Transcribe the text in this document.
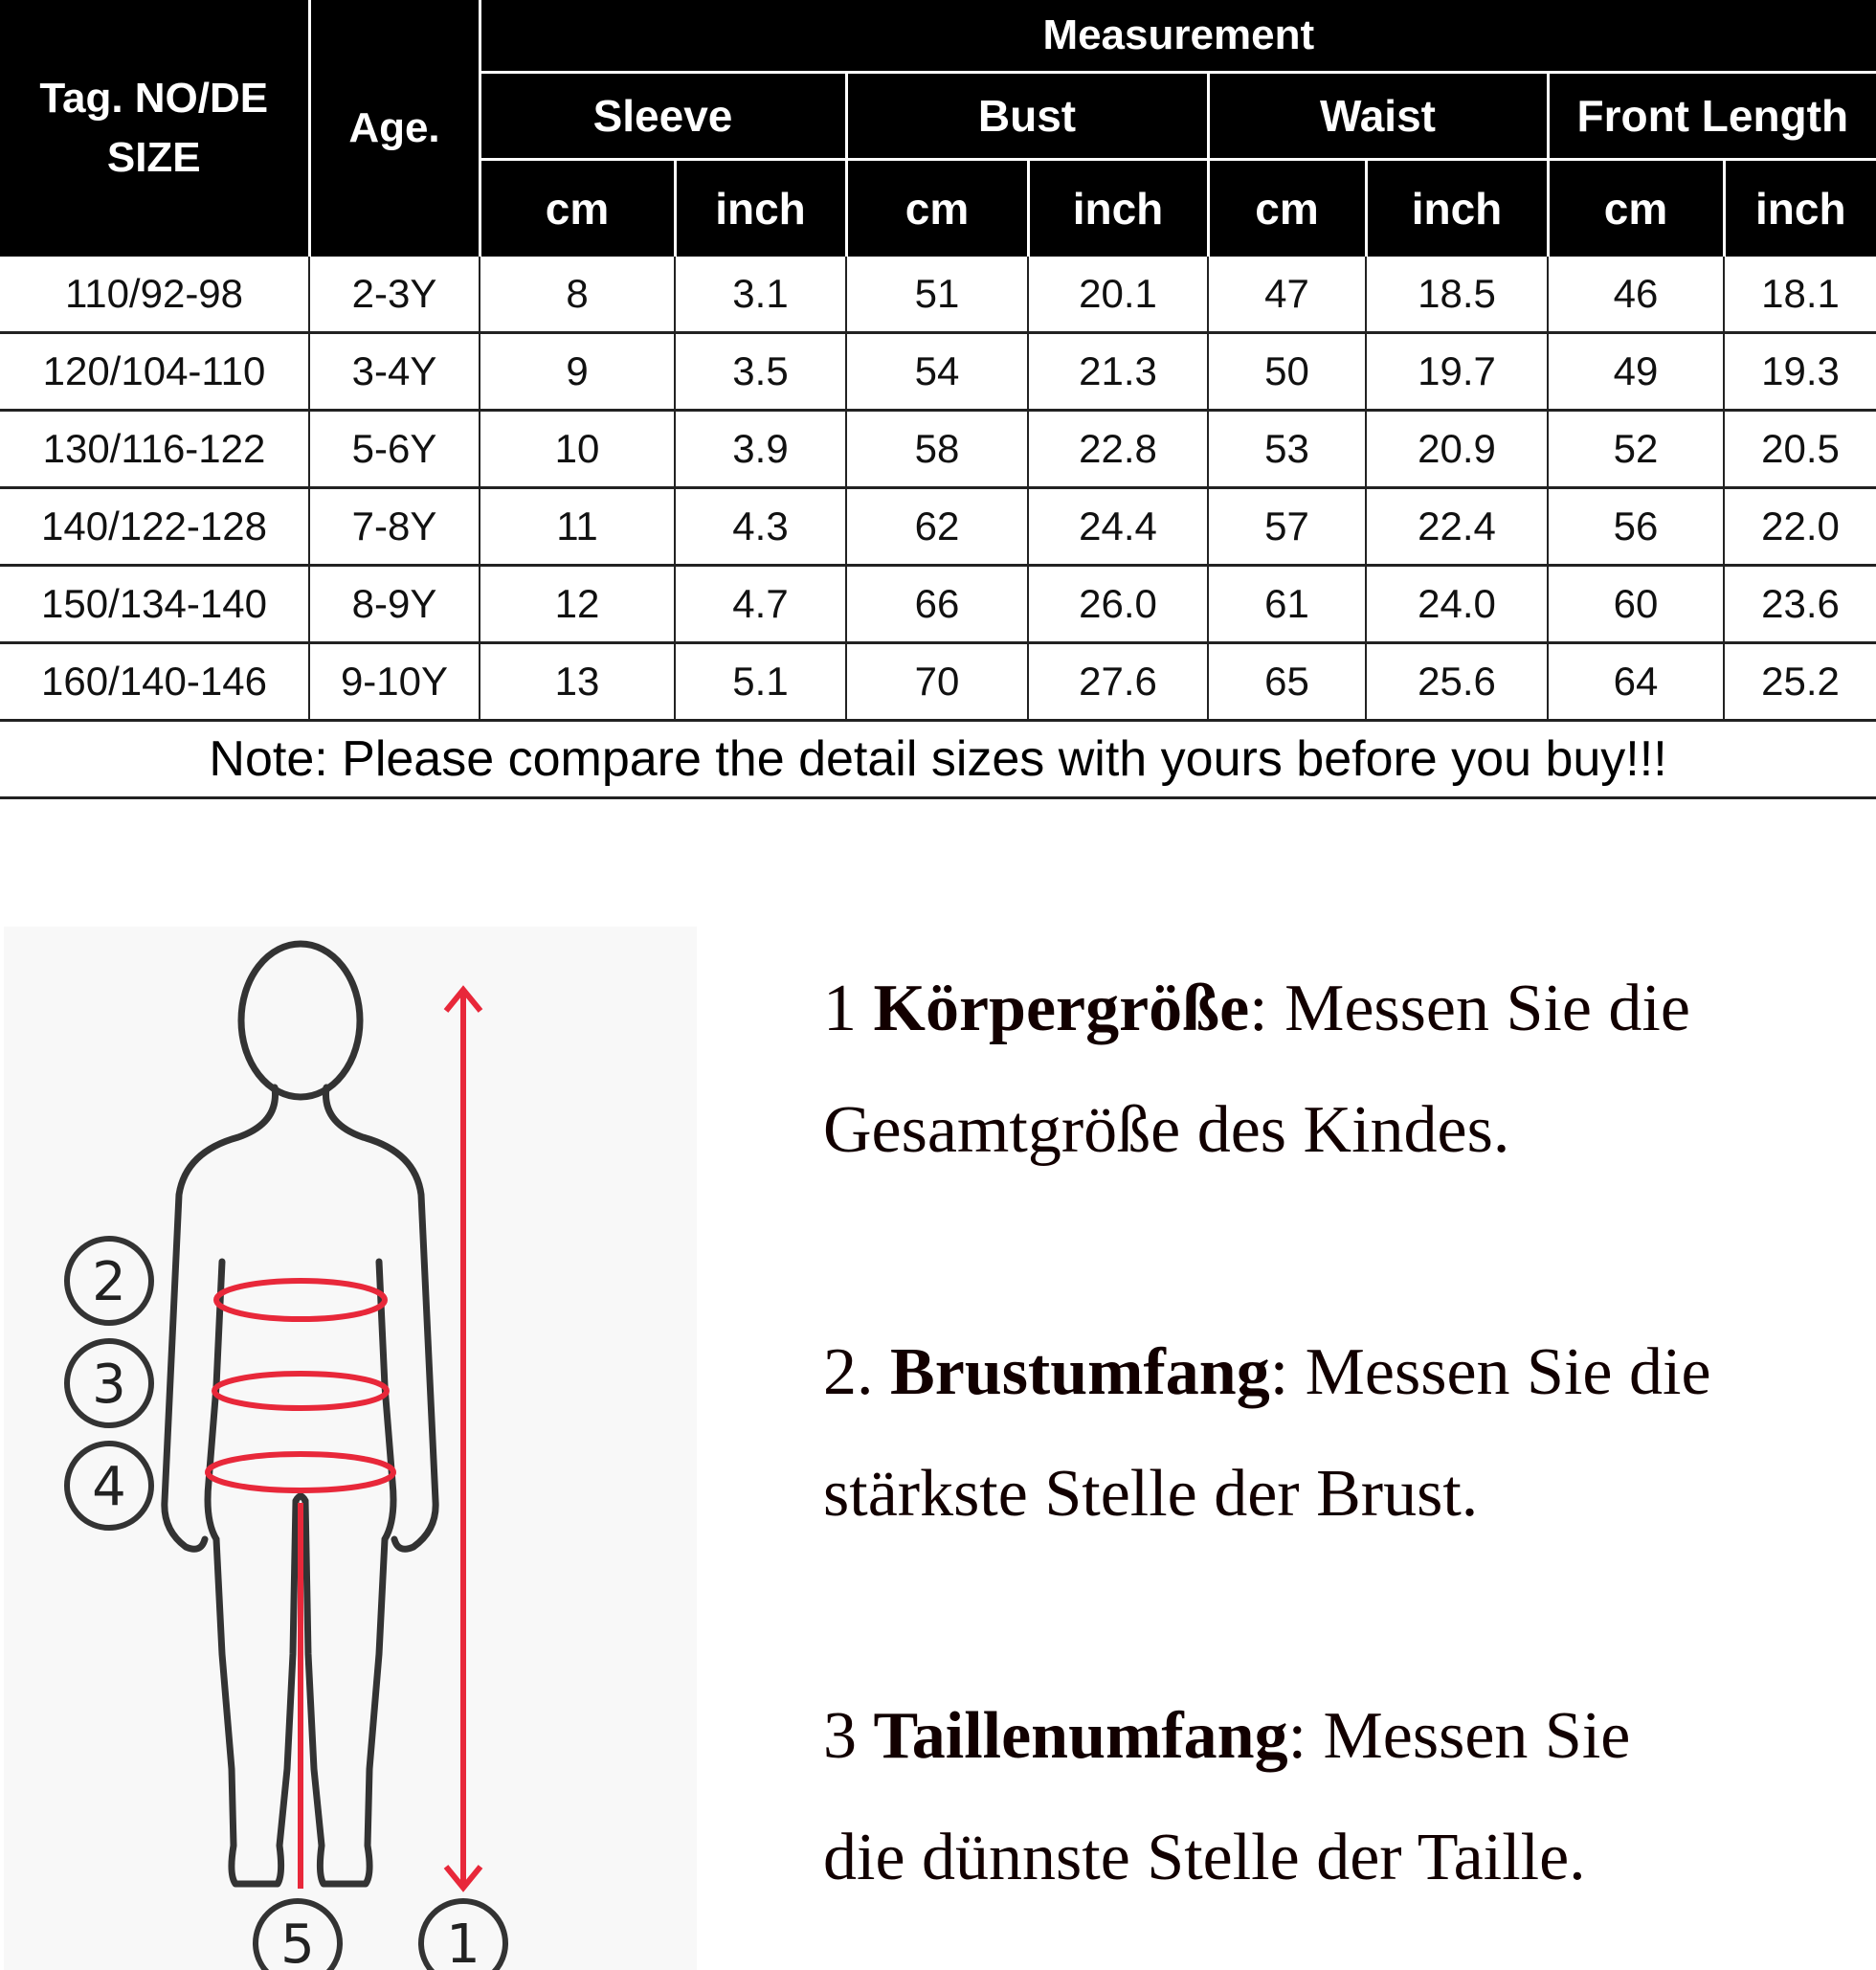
Tag. NO/DE
SIZE	Age.	Measurement							
		Sleeve		Bust		Waist		Front Length	
		cm	inch	cm	inch	cm	inch	cm	inch
110/92-98	2-3Y	8	3.1	51	20.1	47	18.5	46	18.1
120/104-110	3-4Y	9	3.5	54	21.3	50	19.7	49	19.3
130/116-122	5-6Y	10	3.9	58	22.8	53	20.9	52	20.5
140/122-128	7-8Y	11	4.3	62	24.4	57	22.4	56	22.0
150/134-140	8-9Y	12	4.7	66	26.0	61	24.0	60	23.6
160/140-146	9-10Y	13	5.1	70	27.6	65	25.6	64	25.2
Note: Please compare the detail sizes with yours before you buy!!!									
2
3
4
5 1
1 Körpergröße: Messen Sie die
Gesamtgröße des Kindes.
2. Brustumfang: Messen Sie die
stärkste Stelle der Brust.
3 Taillenumfang: Messen Sie
die dünnste Stelle der Taille.
